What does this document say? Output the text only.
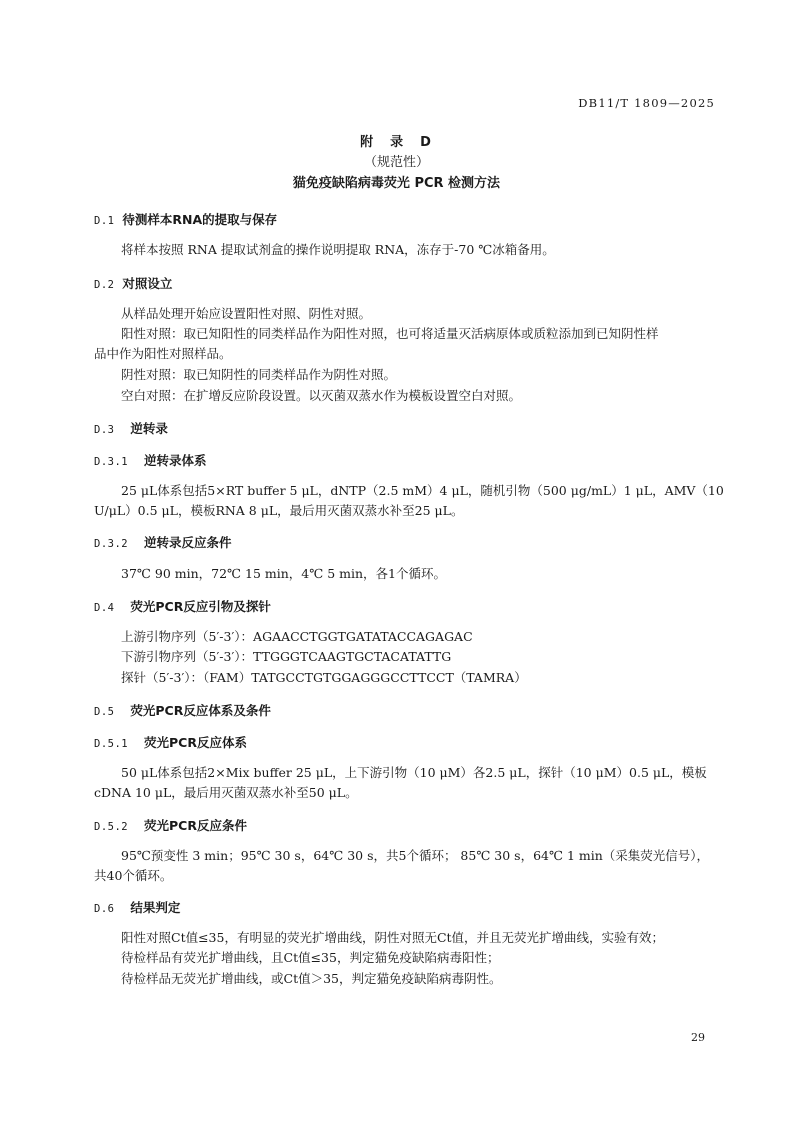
DB11/T 1809—2025
附　录　D
（规范性）
猫免疫缺陷病毒荧光 PCR 检测方法
D.1 待测样本RNA的提取与保存
将样本按照 RNA 提取试剂盒的操作说明提取 RNA，冻存于-70 ℃冰箱备用。
D.2 对照设立
从样品处理开始应设置阳性对照、阴性对照。
阳性对照：取已知阳性的同类样品作为阳性对照，也可将适量灭活病原体或质粒添加到已知阴性样
品中作为阳性对照样品。
阴性对照：取已知阴性的同类样品作为阴性对照。
空白对照：在扩增反应阶段设置。以灭菌双蒸水作为模板设置空白对照。
D.3 逆转录
D.3.1 逆转录体系
25 μL体系包括5×RT buffer 5 μL，dNTP（2.5 mM）4 μL，随机引物（500 μg/mL）1 μL，AMV（10
U/μL）0.5 μL，模板RNA 8 μL，最后用灭菌双蒸水补至25 μL。
D.3.2 逆转录反应条件
37℃ 90 min，72℃ 15 min，4℃ 5 min，各1个循环。
D.4 荧光PCR反应引物及探针
上游引物序列（5′-3′）：AGAACCTGGTGATATACCAGAGAC
下游引物序列（5′-3′）：TTGGGTCAAGTGCTACATATTG
探针（5′-3′）：（FAM）TATGCCTGTGGAGGGCCTTCCT（TAMRA）
D.5 荧光PCR反应体系及条件
D.5.1 荧光PCR反应体系
50 μL体系包括2×Mix buffer 25 μL，上下游引物（10 μM）各2.5 μL，探针（10 μM）0.5 μL，模板
cDNA 10 μL，最后用灭菌双蒸水补至50 μL。
D.5.2 荧光PCR反应条件
95℃预变性 3 min；95℃ 30 s，64℃ 30 s，共5个循环； 85℃ 30 s，64℃ 1 min（采集荧光信号），
共40个循环。
D.6 结果判定
阳性对照Ct值≤35，有明显的荧光扩增曲线，阴性对照无Ct值，并且无荧光扩增曲线，实验有效；
待检样品有荧光扩增曲线，且Ct值≤35，判定猫免疫缺陷病毒阳性；
待检样品无荧光扩增曲线，或Ct值＞35，判定猫免疫缺陷病毒阴性。
29
